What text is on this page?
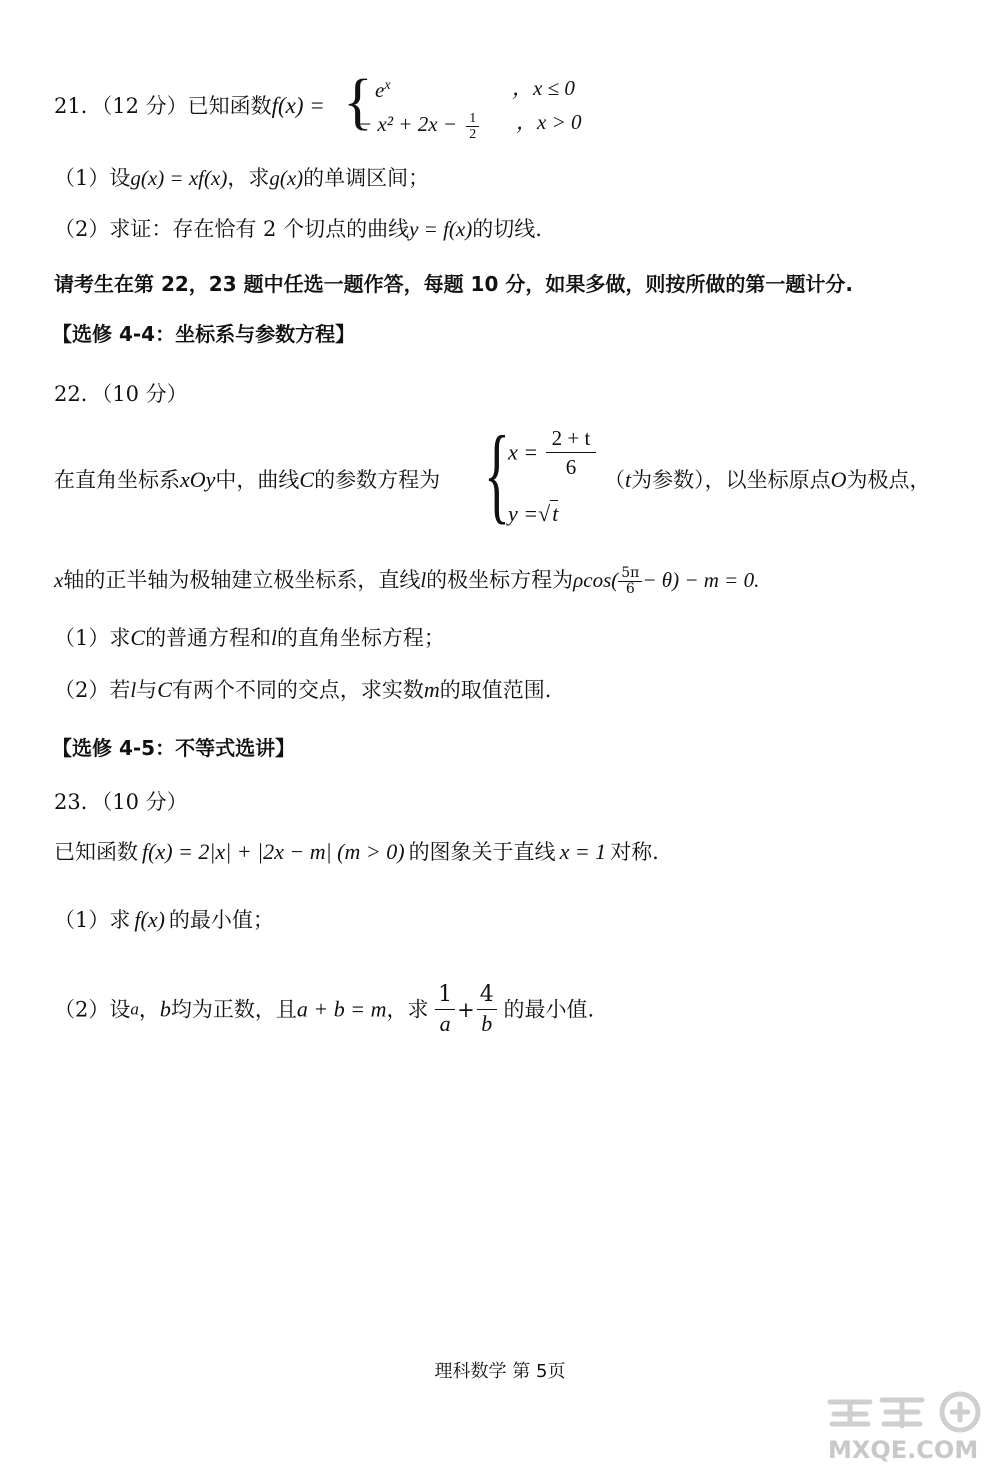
21．（12 分）已知函数f(x) = { $e^x$	，x ≤ 0
− $x^2 + 2x - \frac{1}{2}$ ，x > 0
（1）设g(x) = xf(x)，求g(x)的单调区间；
（2）求证：存在恰有 2 个切点的曲线y = f(x)的切线.
请考生在第 22，23 题中任选一题作答，每题 10 分，如果多做，则按所做的第一题计分.
【选修 4-4：坐标系与参数方程】
22．（10 分）
在直角坐标系xOy中，曲线C的参数方程为 {
$x = \frac{2 + t}{6}$
y =√t
（t为参数），以坐标原点O为极点，
x轴的正半轴为极轴建立极坐标系，直线l的极坐标方程为$\rho\cos( \frac{5\pi}{6} - \theta) - m = 0$.
（1）求C的普通方程和l的直角坐标方程；
（2）若l与C有两个不同的交点，求实数m的取值范围.
【选修 4-5：不等式选讲】
23．（10 分）
已知函数 f(x) = 2|x| + |2x − m| (m > 0) 的图象关于直线 x = 1 对称.
（1）求 f(x) 的最小值；
（2）设a，b均为正数，且a + b = m，求 $\frac{1}{a} + \frac{4}{b}$ 的最小值.
理科数学 第 5页
MXQE.COM
